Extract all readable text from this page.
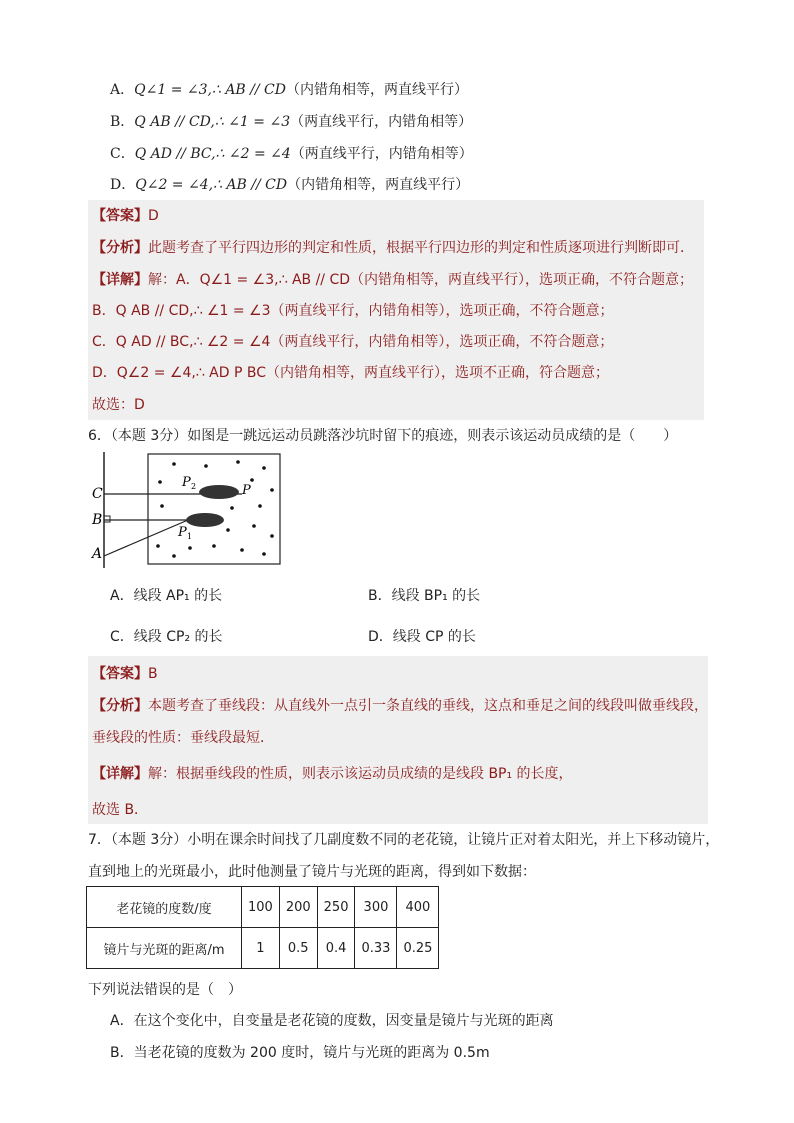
A．Q∠1 = ∠3,∴ AB // CD（内错角相等，两直线平行）
B．Q AB // CD,∴ ∠1 = ∠3（两直线平行，内错角相等）
C．Q AD // BC,∴ ∠2 = ∠4（两直线平行，内错角相等）
D．Q∠2 = ∠4,∴ AB // CD（内错角相等，两直线平行）
【答案】D
【分析】此题考查了平行四边形的判定和性质，根据平行四边形的判定和性质逐项进行判断即可．
【详解】解：A．Q∠1 = ∠3,∴ AB // CD（内错角相等，两直线平行），选项正确，不符合题意；
B．Q AB // CD,∴ ∠1 = ∠3（两直线平行，内错角相等），选项正确，不符合题意；
C．Q AD // BC,∴ ∠2 = ∠4（两直线平行，内错角相等），选项正确，不符合题意；
D．Q∠2 = ∠4,∴ AD P BC（内错角相等，两直线平行），选项不正确，符合题意；
故选：D
6．（本题 3分）如图是一跳远运动员跳落沙坑时留下的痕迹，则表示该运动员成绩的是（　　）
C
B
A
P 2	P
P 1
A．线段 AP₁ 的长	B．线段 BP₁ 的长
C．线段 CP₂ 的长	D．线段 CP 的长
【答案】B
【分析】本题考查了垂线段：从直线外一点引一条直线的垂线，这点和垂足之间的线段叫做垂线段，
垂线段的性质：垂线段最短．
【详解】解：根据垂线段的性质，则表示该运动员成绩的是线段 BP₁ 的长度，
故选 B．
7．（本题 3分）小明在课余时间找了几副度数不同的老花镜，让镜片正对着太阳光，并上下移动镜片，
直到地上的光斑最小，此时他测量了镜片与光斑的距离，得到如下数据：
老花镜的度数/度	100	200	250	300	400
镜片与光斑的距离/m	1	0.5	0.4	0.33	0.25
下列说法错误的是（　）
A．在这个变化中，自变量是老花镜的度数，因变量是镜片与光斑的距离
B．当老花镜的度数为 200 度时，镜片与光斑的距离为 0.5m
